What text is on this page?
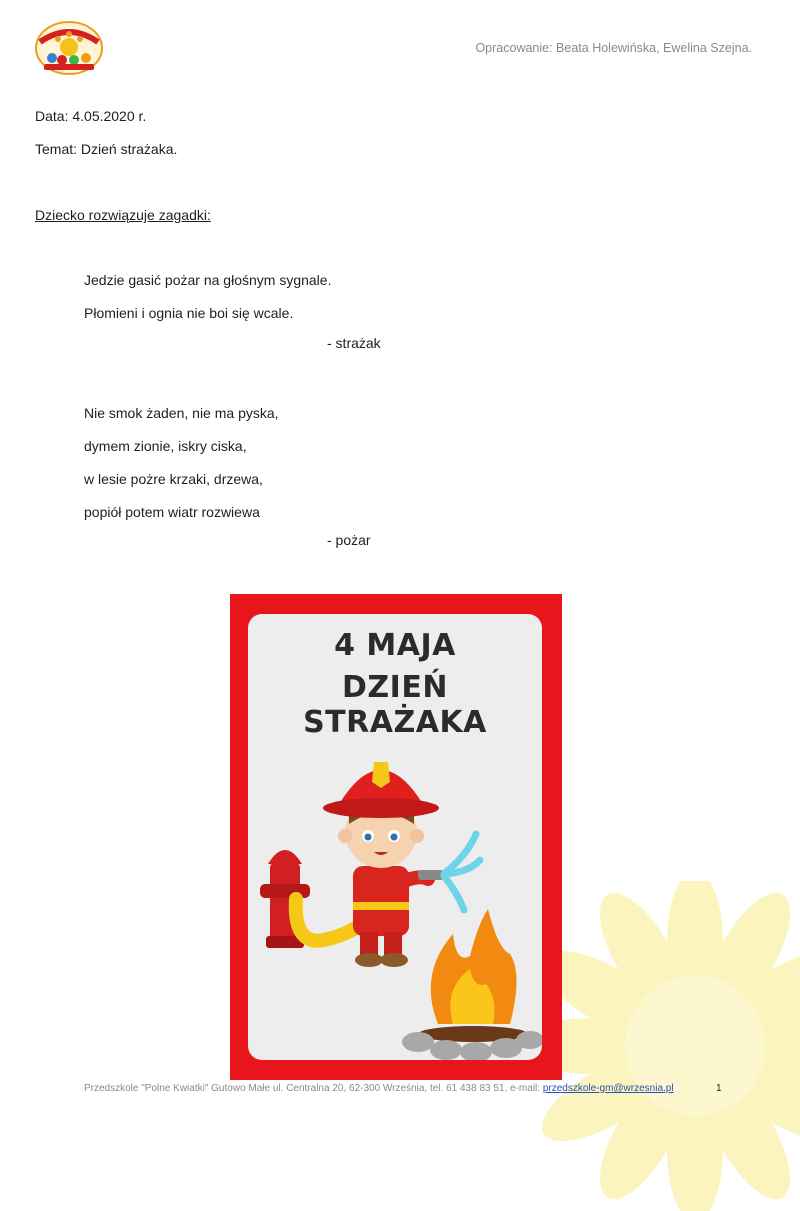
Opracowanie: Beata Holewińska, Ewelina Szejna.
Data: 4.05.2020 r.
Temat: Dzień strażaka.
Dziecko rozwiązuje zagadki:
Jedzie gasić pożar na głośnym sygnale.
Płomieni i ognia nie boi się wcale.
- strażak
Nie smok żaden, nie ma pyska,
dymem zionie, iskry ciska,
w lesie pożre krzaki, drzewa,
popiół potem wiatr rozwiewa
- pożar
4 MAJA
DZIEŃ STRAŻAKA
Przedszkole "Polne Kwiatki" Gutowo Małe ul. Centralna 20, 62-300 Września, tel. 61 438 83 51, e-mail: przedszkole-gm@wrzesnia.pl	1
